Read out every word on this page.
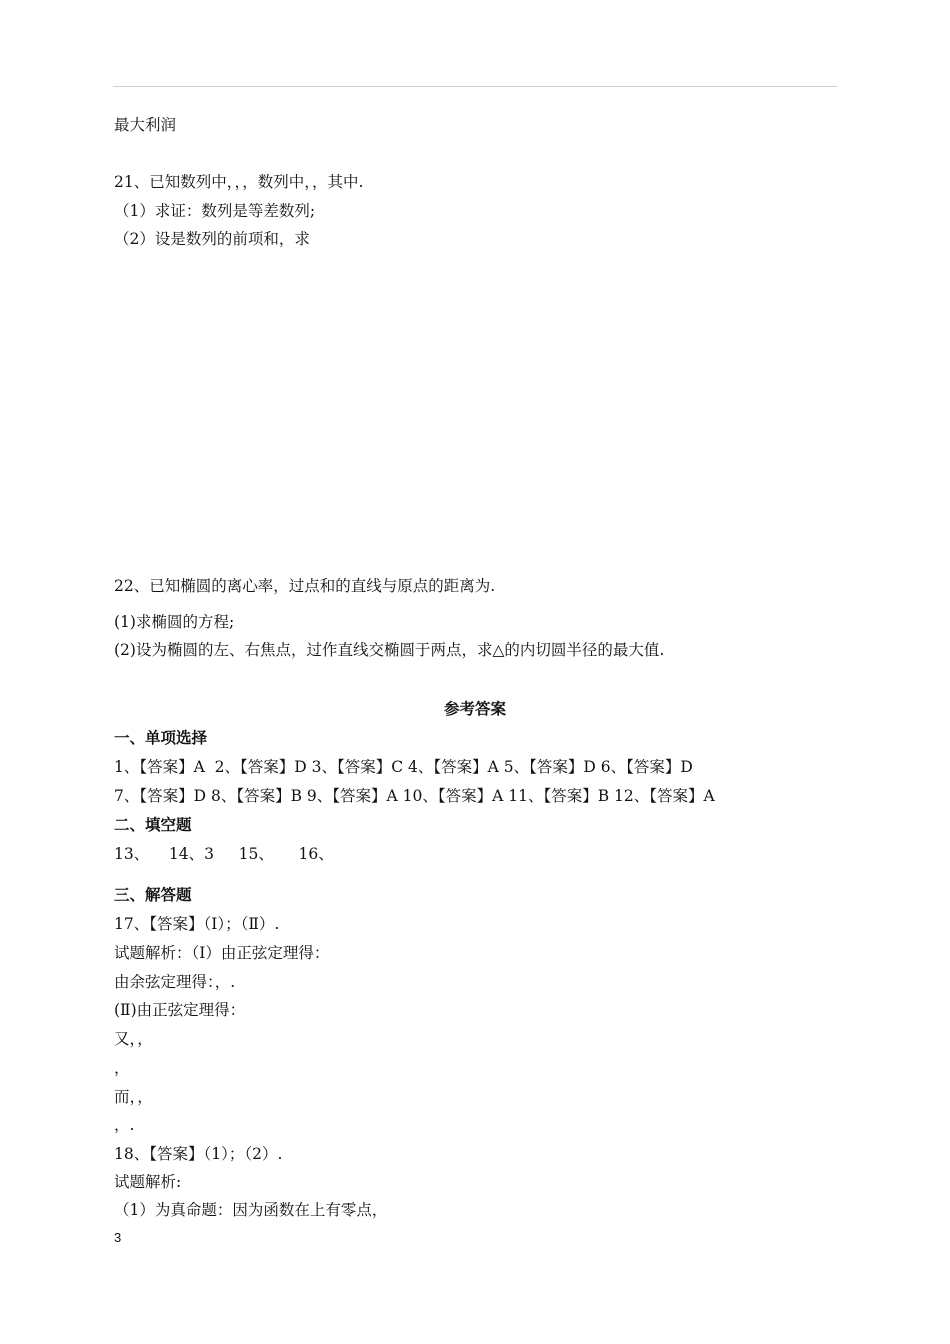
最大利润
21、已知数列中，，，数列中，，其中.
（1）求证：数列是等差数列;
（2）设是数列的前项和，求
22、已知椭圆的离心率，过点和的直线与原点的距离为.
(1)求椭圆的方程;
(2)设为椭圆的左、右焦点，过作直线交椭圆于两点，求△的内切圆半径的最大值.
参考答案
一、单项选择
1、【答案】A  2、【答案】D 3、【答案】C 4、【答案】A 5、【答案】D 6、【答案】D
7、【答案】D 8、【答案】B 9、【答案】A 10、【答案】A 11、【答案】B 12、【答案】A
二、填空题
13、    14、3     15、     16、
三、解答题
17、【答案】（Ⅰ）；（Ⅱ）.
试题解析：（Ⅰ）由正弦定理得：
由余弦定理得：，.
(Ⅱ)由正弦定理得：
又，，
，
而，，
，.
18、【答案】（1）；（2）.
试题解析:
（1）为真命题：因为函数在上有零点，
3
